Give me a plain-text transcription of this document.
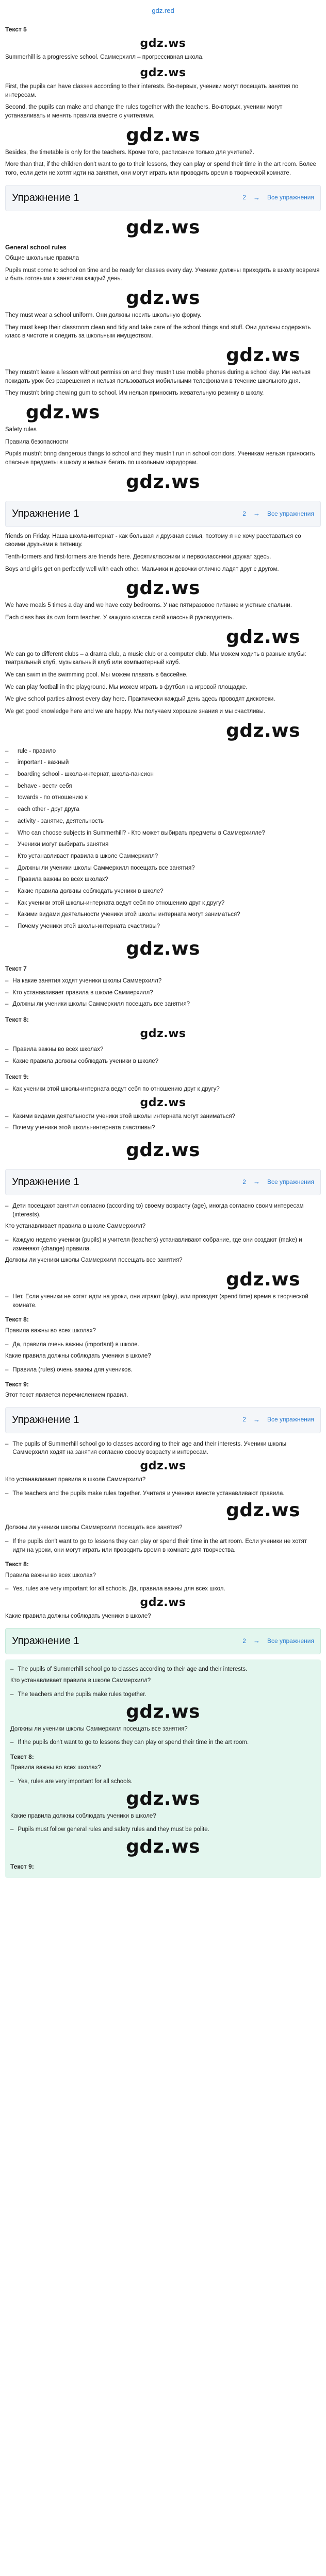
gdz.red
Текст 5
gdz.ws

Summerhill is a progressive school. Саммерхилл – прогрессивная школа.

gdz.ws

First, the pupils can have classes according to their interests. Во-первых, ученики могут посещать занятия по интересам.

Second, the pupils can make and change the rules together with the teachers. Во-вторых, ученики могут устанавливать и менять правила вместе с учителями.

gdz.ws

Besides, the timetable is only for the teachers. Кроме того, расписание только для учителей.

More than that, if the children don't want to go to their lessons, they can play or spend their time in the art room. Более того, если дети не хотят идти на занятия, они могут играть или проводить время в творческой комнате.

Упражнение 1	2 → Все упражнения
gdz.ws
General school rules

Общие школьные правила

Pupils must come to school on time and be ready for classes every day. Ученики должны приходить в школу вовремя и быть готовыми к занятиям каждый день.

gdz.ws

They must wear a school uniform. Они должны носить школьную форму.

They must keep their classroom clean and tidy and take care of the school things and stuff. Они должны содержать класс в чистоте и следить за школьным имуществом.

gdz.ws

They mustn't leave a lesson without permission and they mustn't use mobile phones during a school day. Им нельзя покидать урок без разрешения и нельзя пользоваться мобильными телефонами в течение школьного дня.

They mustn't bring chewing gum to school. Им нельзя приносить жевательную резинку в школу.

gdz.ws

Safety rules

Правила безопасности

Pupils mustn't bring dangerous things to school and they mustn't run in school corridors. Ученикам нельзя приносить опасные предметы в школу и нельзя бегать по школьным коридорам.

gdz.ws
Упражнение 1	2 → Все упражнения

friends on Friday. Наша школа-интернат - как большая и дружная семья, поэтому я не хочу расставаться со своими друзьями в пятницу.

Tenth-formers and first-formers are friends here. Десятиклассники и первоклассники дружат здесь.

Boys and girls get on perfectly well with each other. Мальчики и девочки отлично ладят друг с другом.

gdz.ws

We have meals 5 times a day and we have cozy bedrooms. У нас пятиразовое питание и уютные спальни.

Each class has its own form teacher. У каждого класса свой классный руководитель.

gdz.ws

We can go to different clubs – a drama club, a music club or a computer club. Мы можем ходить в разные клубы: театральный клуб, музыкальный клуб или компьютерный клуб.

We can swim in the swimming pool. Мы можем плавать в бассейне.

We can play football in the playground. Мы можем играть в футбол на игровой площадке.

We give school parties almost every day here. Практически каждый день здесь проводят дискотеки.

We get good knowledge here and we are happy. Мы получаем хорошие знания и мы счастливы.

gdz.ws
–	rule - правило
–	important - важный
–	boarding school - школа-интернат, школа-пансион
–	behave - вести себя
–	towards - по отношению к
–	each other - друг друга
–	activity - занятие, деятельность
–	Who can choose subjects in Summerhill? - Кто может выбирать предметы в Саммерхилле?
–	Ученики могут выбирать занятия
–	Кто устанавливает правила в школе Саммерхилл?
–	Должны ли ученики школы Саммерхилл посещать все занятия?
–	Правила важны во всех школах?
–	Какие правила должны соблюдать ученики в школе?
–	Как ученики этой школы-интерната ведут себя по отношению друг к другу?
–	Какими видами деятельности ученики этой школы интерната могут заниматься?
–	Почему ученики этой школы-интерната счастливы?
gdz.ws
Текст 7
– На какие занятия ходят ученики школы Саммерхилл?
– Кто устанавливает правила в школе Саммерхилл?
– Должны ли ученики школы Саммерхилл посещать все занятия?
Текст 8:
gdz.ws
– Правила важны во всех школах?
– Какие правила должны соблюдать ученики в школе?
Текст 9:
– Как ученики этой школы-интерната ведут себя по отношению друг к другу?
gdz.ws
– Какими видами деятельности ученики этой школы интерната могут заниматься?
– Почему ученики этой школы-интерната счастливы?
gdz.ws
Упражнение 1	2 → Все упражнения
– Дети посещают занятия согласно (according to) своему возрасту (age), иногда согласно своим интересам (interests).

Кто устанавливает правила в школе Саммерхилл?

– Каждую неделю ученики (pupils) и учителя (teachers) устанавливают собрание, где они создают (make) и изменяют (change) правила.

Должны ли ученики школы Саммерхилл посещать все занятия?

gdz.ws
– Нет. Если ученики не хотят идти на уроки, они играют (play), или проводят (spend time) время в творческой комнате.
Текст 8:

Правила важны во всех школах?

– Да, правила очень важны (important) в школе.

Какие правила должны соблюдать ученики в школе?

– Правила (rules) очень важны для учеников.
Текст 9:

Этот текст является перечислением правил.

Упражнение 1	2 → Все упражнения
– The pupils of Summerhill school go to classes according to their age and their interests. Ученики школы Саммерхилл ходят на занятия согласно своему возрасту и интересам.
gdz.ws

Кто устанавливает правила в школе Саммерхилл?

– The teachers and the pupils make rules together. Учителя и ученики вместе устанавливают правила.
gdz.ws

Должны ли ученики школы Саммерхилл посещать все занятия?

– If the pupils don't want to go to lessons they can play or spend their time in the art room. Если ученики не хотят идти на уроки, они могут играть или проводить время в комнате для творчества.
Текст 8:

Правила важны во всех школах?

– Yes, rules are very important for all schools. Да, правила важны для всех школ.
gdz.ws

Какие правила должны соблюдать ученики в школе?

Упражнение 1	2 → Все упражнения
– The pupils of Summerhill school go to classes according to their age and their interests.

Кто устанавливает правила в школе Саммерхилл?

– The teachers and the pupils make rules together.
gdz.ws

Должны ли ученики школы Саммерхилл посещать все занятия?

– If the pupils don't want to go to lessons they can play or spend their time in the art room.
Текст 8:

Правила важны во всех школах?

– Yes, rules are very important for all schools.
gdz.ws

Какие правила должны соблюдать ученики в школе?

– Pupils must follow general rules and safety rules and they must be polite.
gdz.ws
Текст 9:
